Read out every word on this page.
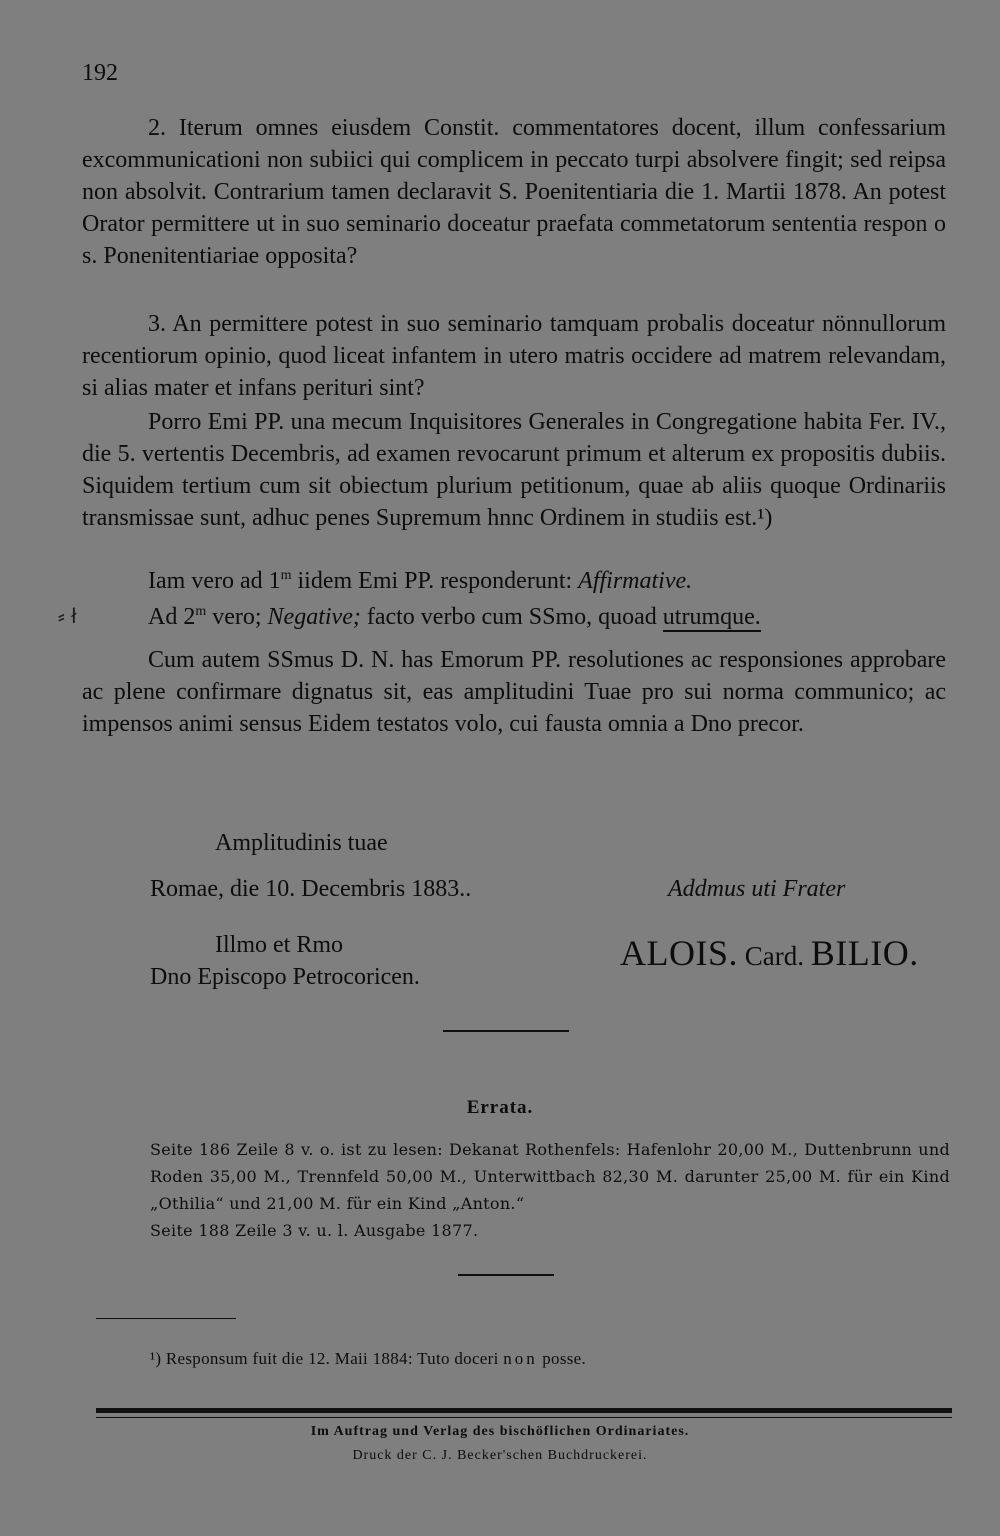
192
2. Iterum omnes eiusdem Constit. commentatores docent, illum confessarium excommunicationi non subiici qui complicem in peccato turpi absolvere fingit; sed reipsa non absolvit. Contrarium tamen declaravit S. Poenitentiaria die 1. Martii 1878. An potest Orator permittere ut in suo seminario doceatur praefata commetatorum sententia respon o s. Ponenitentiariae opposita?
3. An permittere potest in suo seminario tamquam probalis doceatur nönnullorum recentiorum opinio, quod liceat infantem in utero matris occidere ad matrem relevandam, si alias mater et infans perituri sint?
Porro Emi PP. una mecum Inquisitores Generales in Congregatione habita Fer. IV., die 5. vertentis Decembris, ad examen revocarunt primum et alterum ex propositis dubiis. Siquidem tertium cum sit obiectum plurium petitionum, quae ab aliis quoque Ordinariis transmissae sunt, adhuc penes Supremum hnnc Ordinem in studiis est.¹)
Iam vero ad 1$^m$ iidem Emi PP. responderunt: Affirmative.
⸗ ł	Ad 2$^m$ vero; Negative; facto verbo cum SSmo, quoad utrumque.
Cum autem SSmus D. N. has Emorum PP. resolutiones ac responsiones approbare ac plene confirmare dignatus sit, eas amplitudini Tuae pro sui norma communico; ac impensos animi sensus Eidem testatos volo, cui fausta omnia a Dno precor.
Amplitudinis tuae
Romae, die 10. Decembris 1883..	Addmus uti Frater
Illmo et Rmo
Dno Episcopo Petrocoricen.
ALOIS. Card. BILIO.
Errata.
Seite 186 Zeile 8 v. o. ist zu lesen: Dekanat Rothenfels: Hafenlohr 20,00 M., Duttenbrunn und Roden 35,00 M., Trennfeld 50,00 M., Unterwittbach 82,30 M. darunter 25,00 M. für ein Kind „Othilia“ und 21,00 M. für ein Kind „Anton.“
Seite 188 Zeile 3 v. u. l. Ausgabe 1877.
¹) Responsum fuit die 12. Maii 1884: Tuto doceri non posse.
Im Auftrag und Verlag des bischöflichen Ordinariates.
Druck der C. J. Becker'schen Buchdruckerei.
